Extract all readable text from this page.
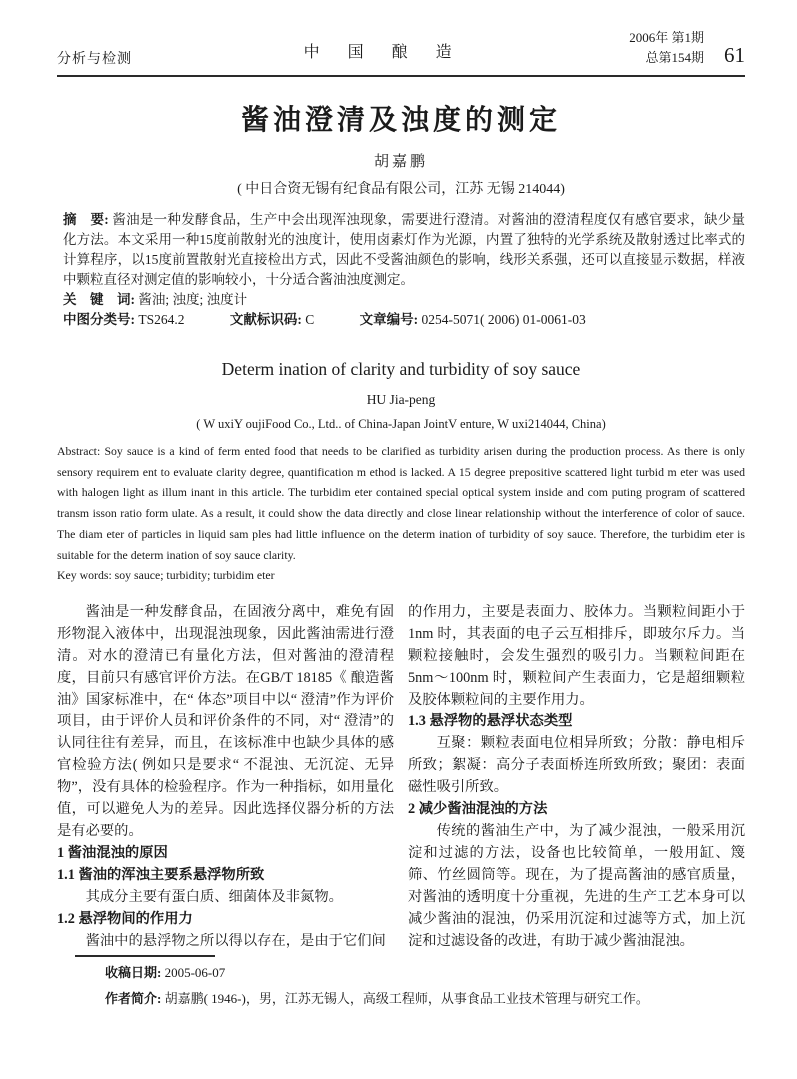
分析与检测	中　国　酿　造
2006年 第1期
总第154期 61
酱油澄清及浊度的测定
胡嘉鹏
( 中日合资无锡有纪食品有限公司，江苏 无锡 214044)

摘　要: 酱油是一种发酵食品，生产中会出现浑浊现象，需要进行澄清。对酱油的澄清程度仅有感官要求，缺少量化方法。本文采用一种15度前散射光的浊度计，使用卤素灯作为光源，内置了独特的光学系统及散射透过比率式的计算程序，以15度前置散射光直接检出方式，因此不受酱油颜色的影响，线形关系强，还可以直接显示数据，样液中颗粒直径对测定值的影响较小，十分适合酱油浊度测定。

关　键　词: 酱油; 浊度; 浊度计

中图分类号: TS264.2	文献标识码: C	文章编号: 0254-5071( 2006) 01-0061-03

Determ ination of clarity and turbidity of soy sauce
HU Jia-peng
( W uxiY oujiFood Co., Ltd.. of China-Japan JointV enture, W uxi214044, China)

Abstract: Soy sauce is a kind of ferm ented food that needs to be clarified as turbidity arisen during the production process. As there is only sensory requirem ent to evaluate clarity degree, quantification m ethod is lacked. A 15 degree prepositive scattered light turbid m eter was used with halogen light as illum inant in this article. The turbidim eter contained special optical system inside and com puting program of scattered transm isson ratio form ulate. As a result, it could show the data directly and close linear relationship without the interference of color of sauce. The diam eter of particles in liquid sam ples had little influence on the determ ination of turbidity of soy sauce. Therefore, the turbidim eter is suitable for the determ ination of soy sauce clarity.

Key words: soy sauce; turbidity; turbidim eter

酱油是一种发酵食品，在固液分离中，难免有固形物混入液体中，出现混浊现象，因此酱油需进行澄清。对水的澄清已有量化方法，但对酱油的澄清程度，目前只有感官评价方法。在GB/T 18185《 酿造酱油》国家标准中，在“ 体态”项目中以“ 澄清”作为评价项目，由于评价人员和评价条件的不同，对“ 澄清”的认同往往有差异，而且，在该标准中也缺少具体的感官检验方法( 例如只是要求“ 不混浊、无沉淀、无异物”，没有具体的检验程序。作为一种指标，如用量化值，可以避免人为的差异。因此选择仪器分析的方法是有必要的。

1 酱油混浊的原因
1.1 酱油的浑浊主要系悬浮物所致

其成分主要有蛋白质、细菌体及非氮物。

1.2 悬浮物间的作用力

酱油中的悬浮物之所以得以存在，是由于它们间

的作用力，主要是表面力、胶体力。当颗粒间距小于1nm 时，其表面的电子云互相排斥，即玻尔斥力。当颗粒接触时，会发生强烈的吸引力。当颗粒间距在5nm～100nm 时，颗粒间产生表面力，它是超细颗粒及胶体颗粒间的主要作用力。

1.3 悬浮物的悬浮状态类型

互聚：颗粒表面电位相异所致；分散：静电相斥所致；絮凝：高分子表面桥连所致所致；聚团：表面磁性吸引所致。

2 减少酱油混浊的方法

传统的酱油生产中，为了减少混浊，一般采用沉淀和过滤的方法，设备也比较简单，一般用缸、篾筛、竹丝圆筒等。现在，为了提高酱油的感官质量，对酱油的透明度十分重视，先进的生产工艺本身可以减少酱油的混浊，仍采用沉淀和过滤等方式，加上沉淀和过滤设备的改进，有助于减少酱油混浊。

收稿日期: 2005-06-07

作者简介: 胡嘉鹏( 1946-)，男，江苏无锡人，高级工程师，从事食品工业技术管理与研究工作。
